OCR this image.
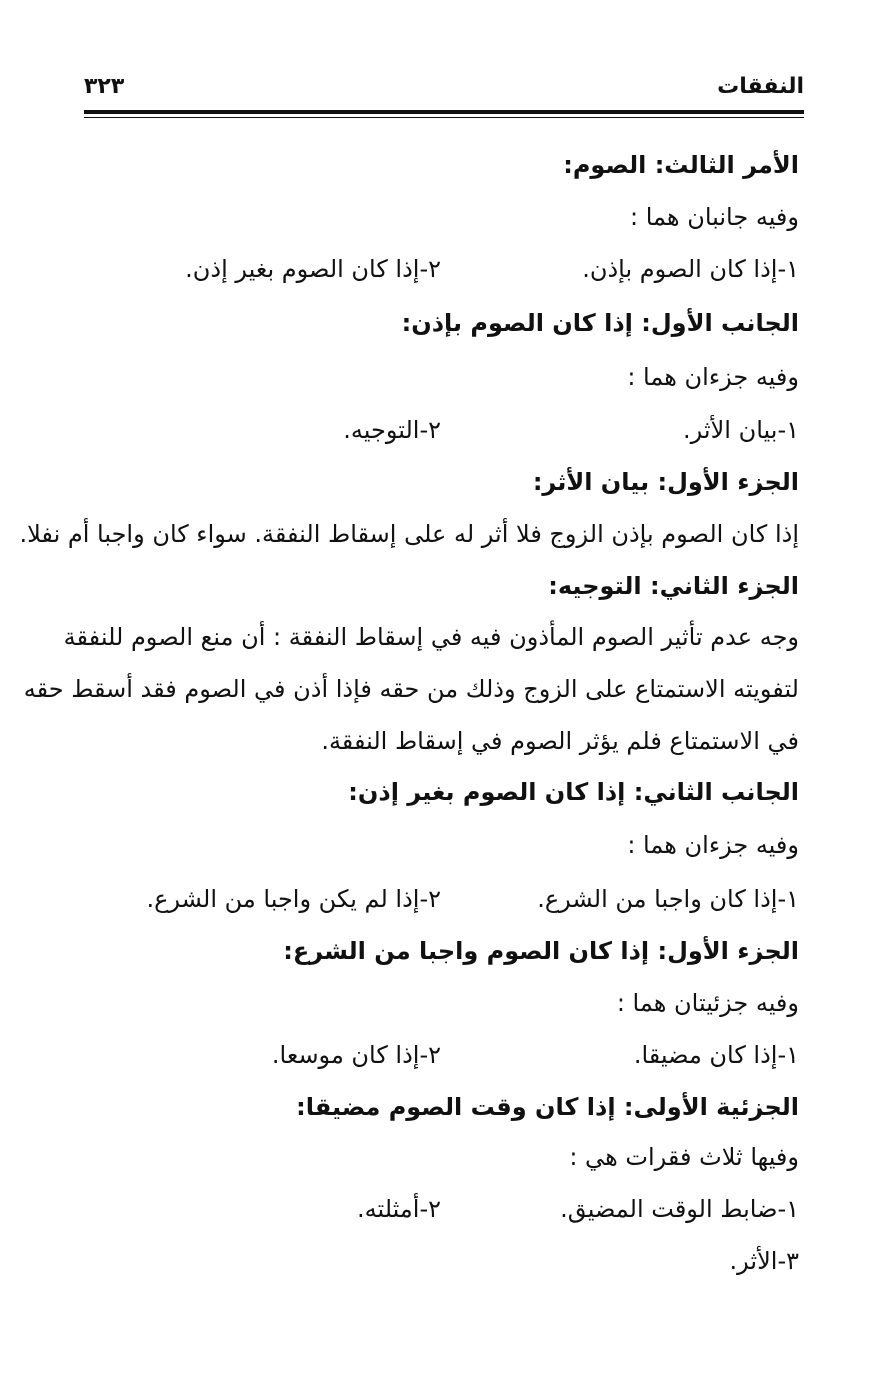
النفقات
٣٢٣
الأمر الثالث: الصوم:
وفيه جانبان هما :
١-إذا كان الصوم بإذن.
٢-إذا كان الصوم بغير إذن.
الجانب الأول: إذا كان الصوم بإذن:
وفيه جزءان هما :
١-بيان الأثر.
٢-التوجيه.
الجزء الأول: بيان الأثر:
إذا كان الصوم بإذن الزوج فلا أثر له على إسقاط النفقة. سواء كان واجبا أم نفلا.
الجزء الثاني: التوجيه:
وجه عدم تأثير الصوم المأذون فيه في إسقاط النفقة : أن منع الصوم للنفقة
لتفويته الاستمتاع على الزوج وذلك من حقه فإذا أذن في الصوم فقد أسقط حقه
في الاستمتاع فلم يؤثر الصوم في إسقاط النفقة.
الجانب الثاني: إذا كان الصوم بغير إذن:
وفيه جزءان هما :
١-إذا كان واجبا من الشرع.
٢-إذا لم يكن واجبا من الشرع.
الجزء الأول: إذا كان الصوم واجبا من الشرع:
وفيه جزئيتان هما :
١-إذا كان مضيقا.
٢-إذا كان موسعا.
الجزئية الأولى: إذا كان وقت الصوم مضيقا:
وفيها ثلاث فقرات هي :
١-ضابط الوقت المضيق.
٢-أمثلته.
٣-الأثر.
